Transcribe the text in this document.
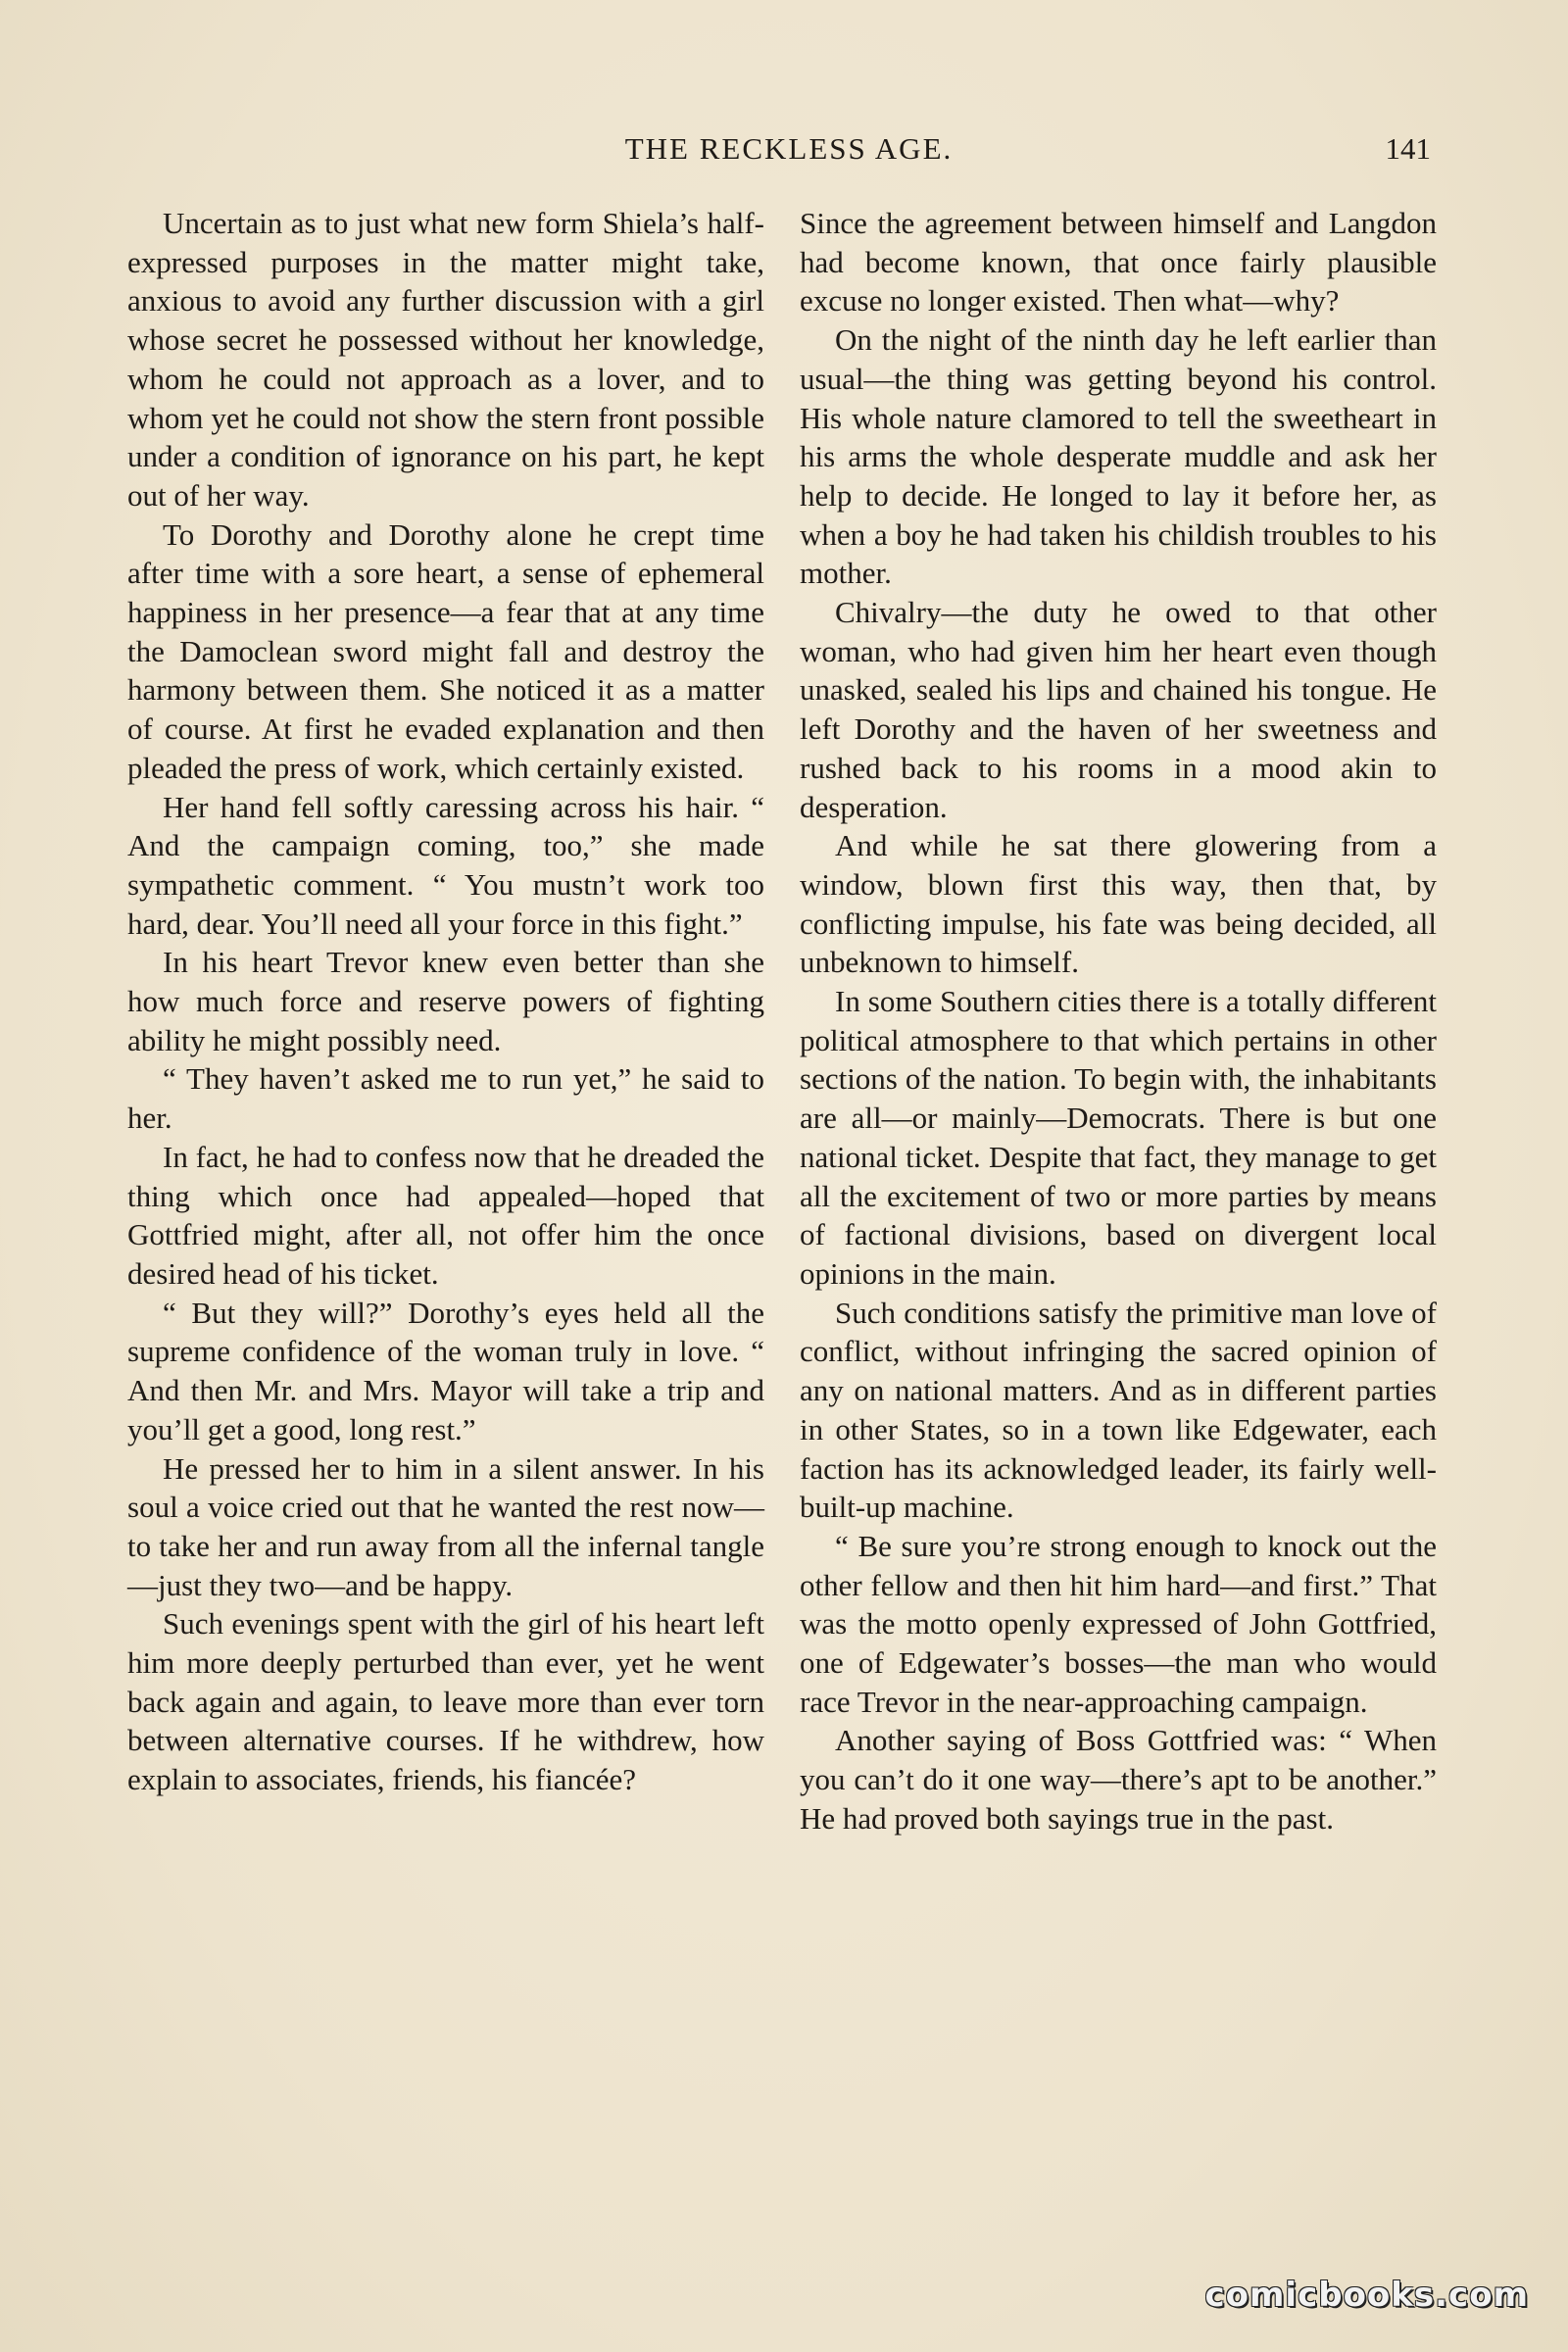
THE RECKLESS AGE.	141

Uncertain as to just what new form Shiela’s half-expressed purposes in the matter might take, anxious to avoid any further discussion with a girl whose secret he possessed without her knowledge, whom he could not approach as a lover, and to whom yet he could not show the stern front possible under a condition of ignorance on his part, he kept out of her way.

To Dorothy and Dorothy alone he crept time after time with a sore heart, a sense of ephemeral happiness in her presence—a fear that at any time the Damoclean sword might fall and destroy the harmony between them. She noticed it as a matter of course. At first he evaded explanation and then pleaded the press of work, which certainly existed.

Her hand fell softly caressing across his hair. “ And the campaign coming, too,” she made sympathetic comment. “ You mustn’t work too hard, dear. You’ll need all your force in this fight.”

In his heart Trevor knew even better than she how much force and reserve powers of fighting ability he might possibly need.

“ They haven’t asked me to run yet,” he said to her.

In fact, he had to confess now that he dreaded the thing which once had appealed—hoped that Gottfried might, after all, not offer him the once desired head of his ticket.

“ But they will?” Dorothy’s eyes held all the supreme confidence of the woman truly in love. “ And then Mr. and Mrs. Mayor will take a trip and you’ll get a good, long rest.”

He pressed her to him in a silent answer. In his soul a voice cried out that he wanted the rest now—to take her and run away from all the infernal tangle—just they two—and be happy.

Such evenings spent with the girl of his heart left him more deeply perturbed than ever, yet he went back again and again, to leave more than ever torn between alternative courses. If he withdrew, how explain to associates, friends, his fiancée?

Since the agreement between himself and Langdon had become known, that once fairly plausible excuse no longer existed. Then what—why?

On the night of the ninth day he left earlier than usual—the thing was getting beyond his control. His whole nature clamored to tell the sweetheart in his arms the whole desperate muddle and ask her help to decide. He longed to lay it before her, as when a boy he had taken his childish troubles to his mother.

Chivalry—the duty he owed to that other woman, who had given him her heart even though unasked, sealed his lips and chained his tongue. He left Dorothy and the haven of her sweetness and rushed back to his rooms in a mood akin to desperation.

And while he sat there glowering from a window, blown first this way, then that, by conflicting impulse, his fate was being decided, all unbeknown to himself.

In some Southern cities there is a totally different political atmosphere to that which pertains in other sections of the nation. To begin with, the inhabitants are all—or mainly—Democrats. There is but one national ticket. Despite that fact, they manage to get all the excitement of two or more parties by means of factional divisions, based on divergent local opinions in the main.

Such conditions satisfy the primitive man love of conflict, without infringing the sacred opinion of any on national matters. And as in different parties in other States, so in a town like Edgewater, each faction has its acknowledged leader, its fairly well-built-up machine.

“ Be sure you’re strong enough to knock out the other fellow and then hit him hard—and first.” That was the motto openly expressed of John Gottfried, one of Edgewater’s bosses—the man who would race Trevor in the near-approaching campaign.

Another saying of Boss Gottfried was: “ When you can’t do it one way—there’s apt to be another.” He had proved both sayings true in the past.

comicbooks.com
